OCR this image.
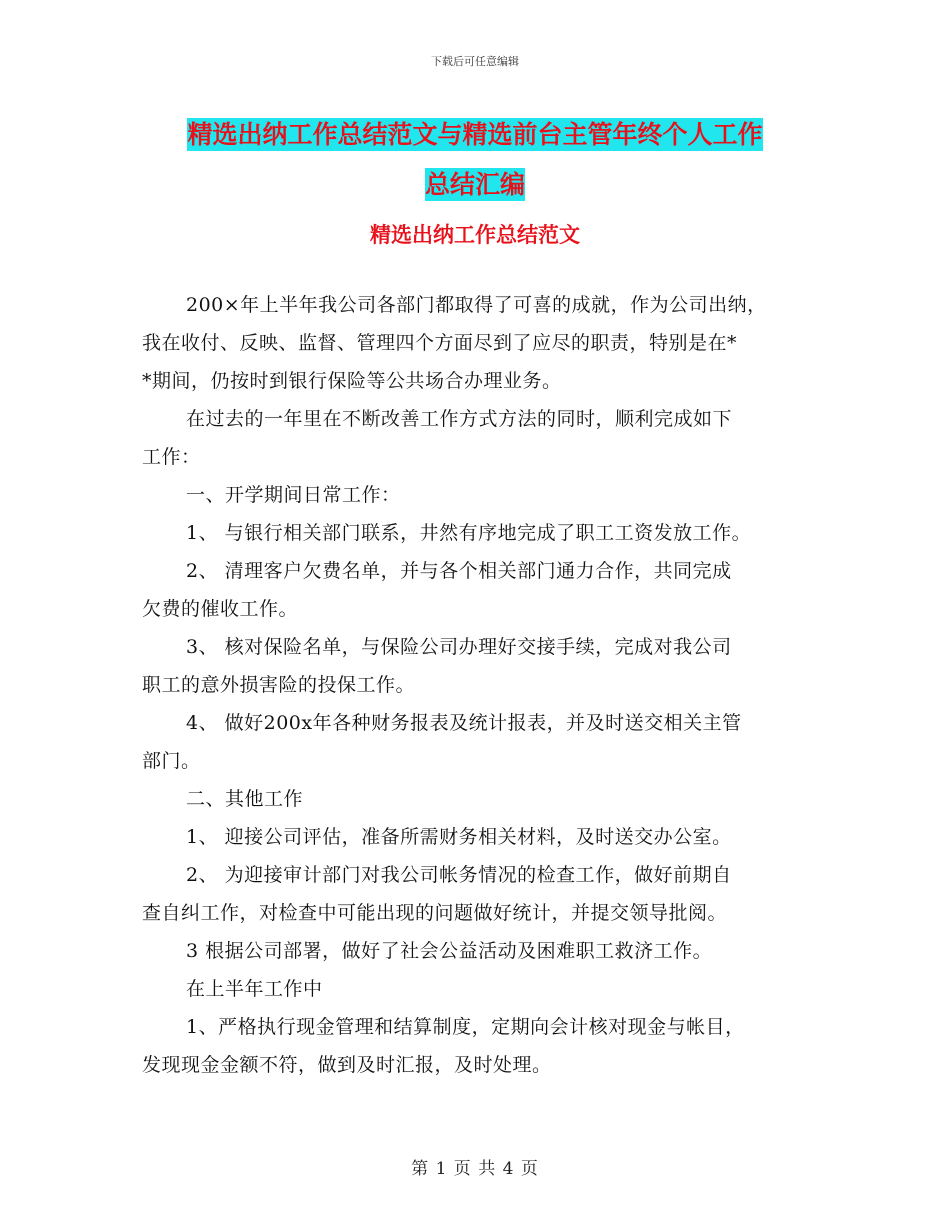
下载后可任意编辑
精选出纳工作总结范文与精选前台主管年终个人工作
总结汇编
精选出纳工作总结范文

200×年上半年我公司各部门都取得了可喜的成就，作为公司出纳，

我在收付、反映、监督、管理四个方面尽到了应尽的职责，特别是在*

*期间，仍按时到银行保险等公共场合办理业务。

在过去的一年里在不断改善工作方式方法的同时，顺利完成如下

工作：

一、开学期间日常工作：

1、 与银行相关部门联系，井然有序地完成了职工工资发放工作。

2、 清理客户欠费名单，并与各个相关部门通力合作，共同完成

欠费的催收工作。

3、 核对保险名单，与保险公司办理好交接手续，完成对我公司

职工的意外损害险的投保工作。

4、 做好200x年各种财务报表及统计报表，并及时送交相关主管

部门。

二、其他工作

1、 迎接公司评估，准备所需财务相关材料，及时送交办公室。

2、 为迎接审计部门对我公司帐务情况的检查工作，做好前期自

查自纠工作，对检查中可能出现的问题做好统计，并提交领导批阅。

3 根据公司部署，做好了社会公益活动及困难职工救济工作。

在上半年工作中

1、严格执行现金管理和结算制度，定期向会计核对现金与帐目，

发现现金金额不符，做到及时汇报，及时处理。

第 1 页 共 4 页
